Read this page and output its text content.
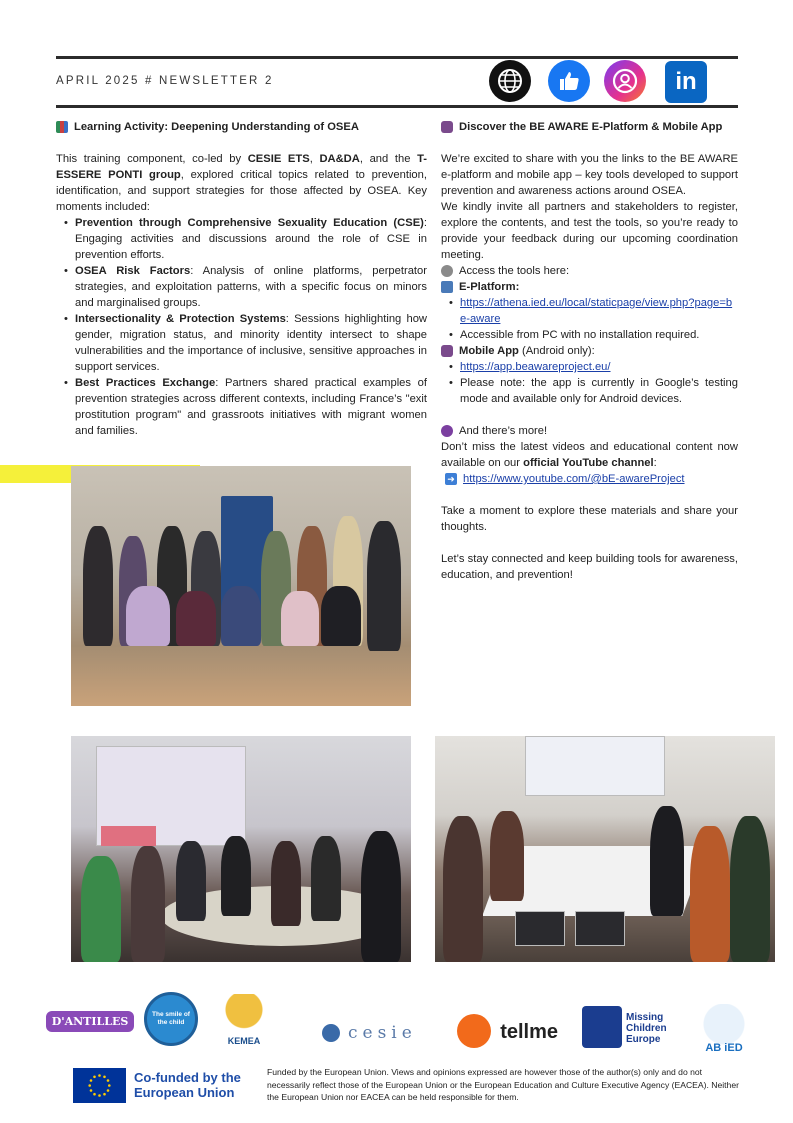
APRIL 2025 # NEWSLETTER 2	in
Learning Activity: Deepening Understanding of OSEA

This training component, co-led by CESIE ETS, DA&DA, and the T-ESSERE PONTI group, explored critical topics related to prevention, identification, and support strategies for those affected by OSEA. Key moments included:

• Prevention through Comprehensive Sexuality Education (CSE): Engaging activities and discussions around the role of CSE in prevention efforts.
• OSEA Risk Factors: Analysis of online platforms, perpetrator strategies, and exploitation patterns, with a specific focus on minors and marginalised groups.
• Intersectionality & Protection Systems: Sessions highlighting how gender, migration status, and minority identity intersect to shape vulnerabilities and the importance of inclusive, sensitive approaches in support services.
• Best Practices Exchange: Partners shared practical examples of prevention strategies across different contexts, including France’s "exit prostitution program" and grassroots initiatives with migrant women and families.
Discover the BE AWARE E-Platform & Mobile App

We’re excited to share with you the links to the BE AWARE e-platform and mobile app – key tools developed to support prevention and awareness actions around OSEA.

We kindly invite all partners and stakeholders to register, explore the contents, and test the tools, so you’re ready to provide your feedback during our upcoming coordination meeting.

Access the tools here:
E-Platform:
• https://athena.ied.eu/local/staticpage/view.php?page=be-aware
• Accessible from PC with no installation required.
Mobile App (Android only):
• https://app.beawareproject.eu/
• Please note: the app is currently in Google’s testing mode and available only for Android devices.
And there’s more!

Don’t miss the latest videos and educational content now available on our official YouTube channel:

➜ https://www.youtube.com/@bE-awareProject

Take a moment to explore these materials and share your thoughts.

Let’s stay connected and keep building tools for awareness, education, and prevention!

D'ANTILLES	The smile of the child
KEMEA	cesie	tellme
Missing Children Europe
AB iED
Co-funded by the European Union
Funded by the European Union. Views and opinions expressed are however those of the author(s) only and do not necessarily reflect those of the European Union or the European Education and Culture Executive Agency (EACEA). Neither the European Union nor EACEA can be held responsible for them.
